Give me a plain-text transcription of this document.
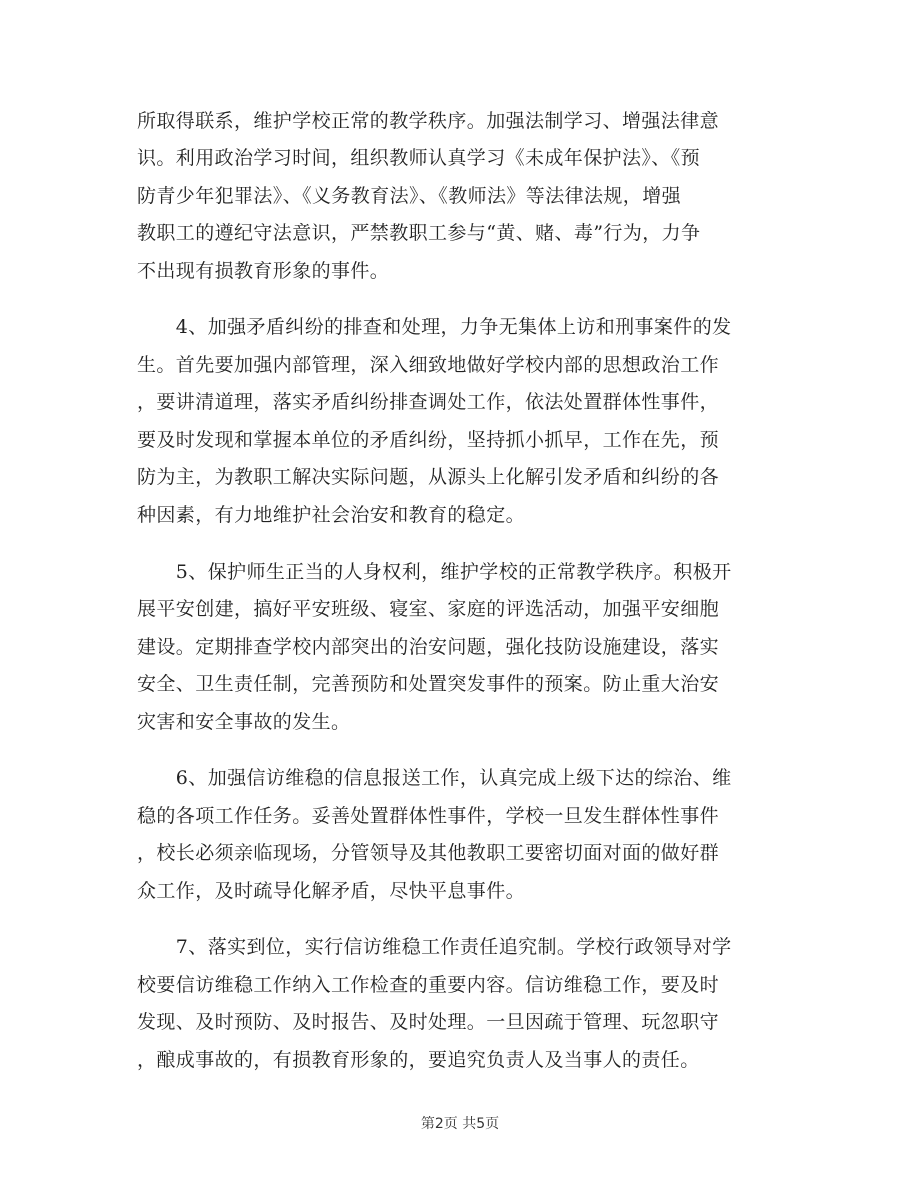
所取得联系，维护学校正常的教学秩序。加强法制学习、增强法律意
识。利用政治学习时间，组织教师认真学习《未成年保护法》、《预
防青少年犯罪法》、《义务教育法》、《教师法》等法律法规，增强
教职工的遵纪守法意识，严禁教职工参与“黄、赌、毒”行为，力争
不出现有损教育形象的事件。
　　4、加强矛盾纠纷的排查和处理，力争无集体上访和刑事案件的发
生。首先要加强内部管理，深入细致地做好学校内部的思想政治工作
，要讲清道理，落实矛盾纠纷排查调处工作，依法处置群体性事件，
要及时发现和掌握本单位的矛盾纠纷，坚持抓小抓早，工作在先，预
防为主，为教职工解决实际问题，从源头上化解引发矛盾和纠纷的各
种因素，有力地维护社会治安和教育的稳定。
　　5、保护师生正当的人身权利，维护学校的正常教学秩序。积极开
展平安创建，搞好平安班级、寝室、家庭的评选活动，加强平安细胞
建设。定期排查学校内部突出的治安问题，强化技防设施建设，落实
安全、卫生责任制，完善预防和处置突发事件的预案。防止重大治安
灾害和安全事故的发生。
　　6、加强信访维稳的信息报送工作，认真完成上级下达的综治、维
稳的各项工作任务。妥善处置群体性事件，学校一旦发生群体性事件
，校长必须亲临现场，分管领导及其他教职工要密切面对面的做好群
众工作，及时疏导化解矛盾，尽快平息事件。
　　7、落实到位，实行信访维稳工作责任追究制。学校行政领导对学
校要信访维稳工作纳入工作检查的重要内容。信访维稳工作，要及时
发现、及时预防、及时报告、及时处理。一旦因疏于管理、玩忽职守
，酿成事故的，有损教育形象的，要追究负责人及当事人的责任。
第2页 共5页
